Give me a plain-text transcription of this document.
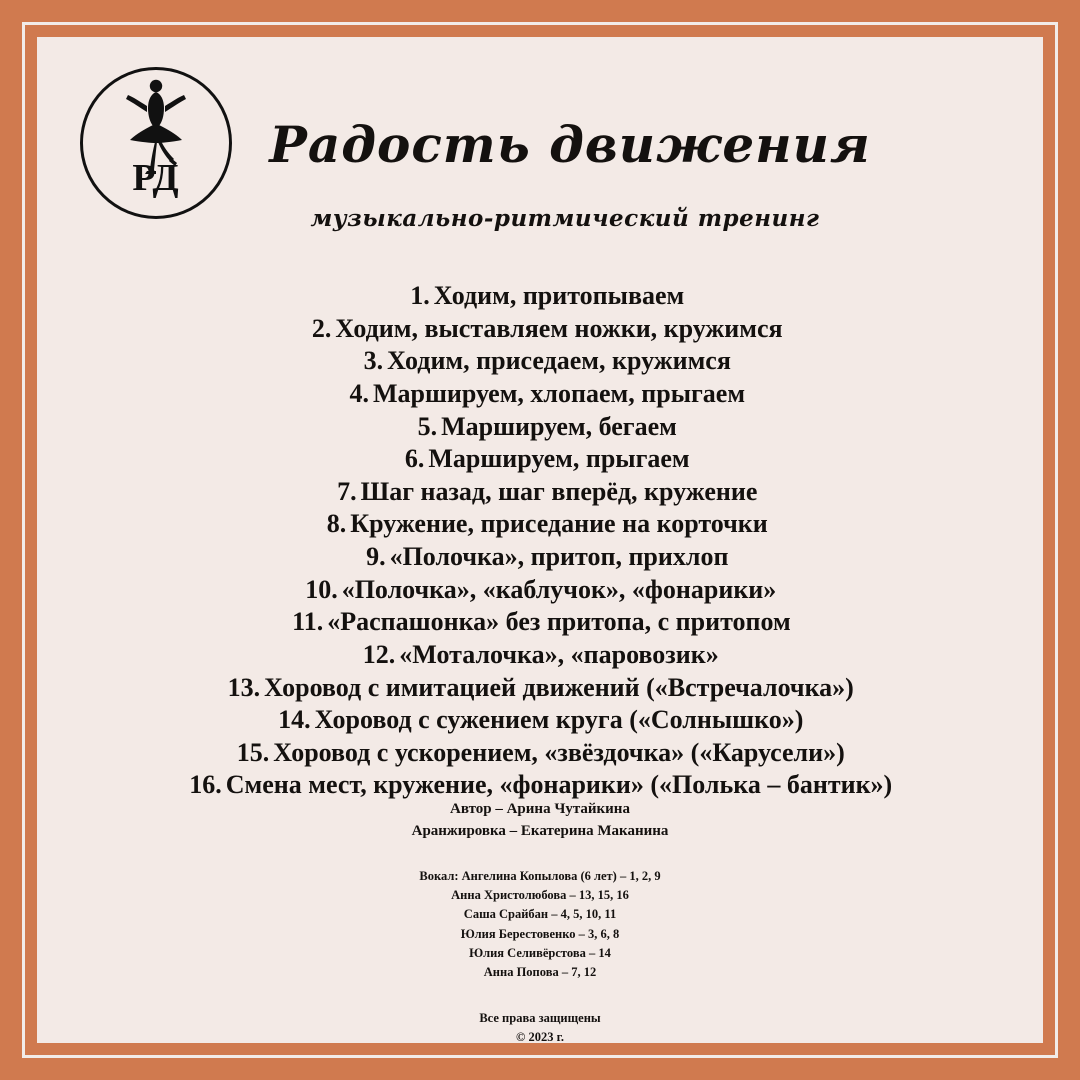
РД
Радость движения
музыкально-ритмический тренинг
1. Ходим, притопываем
2. Ходим, выставляем ножки, кружимся
3. Ходим, приседаем, кружимся
4. Маршируем, хлопаем, прыгаем
5. Маршируем, бегаем
6. Маршируем, прыгаем
7. Шаг назад, шаг вперёд, кружение
8. Кружение, приседание на корточки
9. «Полочка», притоп, прихлоп
10. «Полочка», «каблучок», «фонарики»
11. «Распашонка» без притопа, с притопом
12. «Моталочка», «паровозик»
13. Хоровод с имитацией движений («Встречалочка»)
14. Хоровод с сужением круга («Солнышко»)
15. Хоровод с ускорением, «звёздочка» («Карусели»)
16. Смена мест, кружение, «фонарики» («Полька – бантик»)
Автор – Арина Чутайкина
Аранжировка – Екатерина Маканина
Вокал: Ангелина Копылова (6 лет) – 1, 2, 9
Анна Христолюбова – 13, 15, 16
Саша Срайбан – 4, 5, 10, 11
Юлия Берестовенко – 3, 6, 8
Юлия Селивёрстова – 14
Анна Попова – 7, 12
Все права защищены
© 2023 г.
